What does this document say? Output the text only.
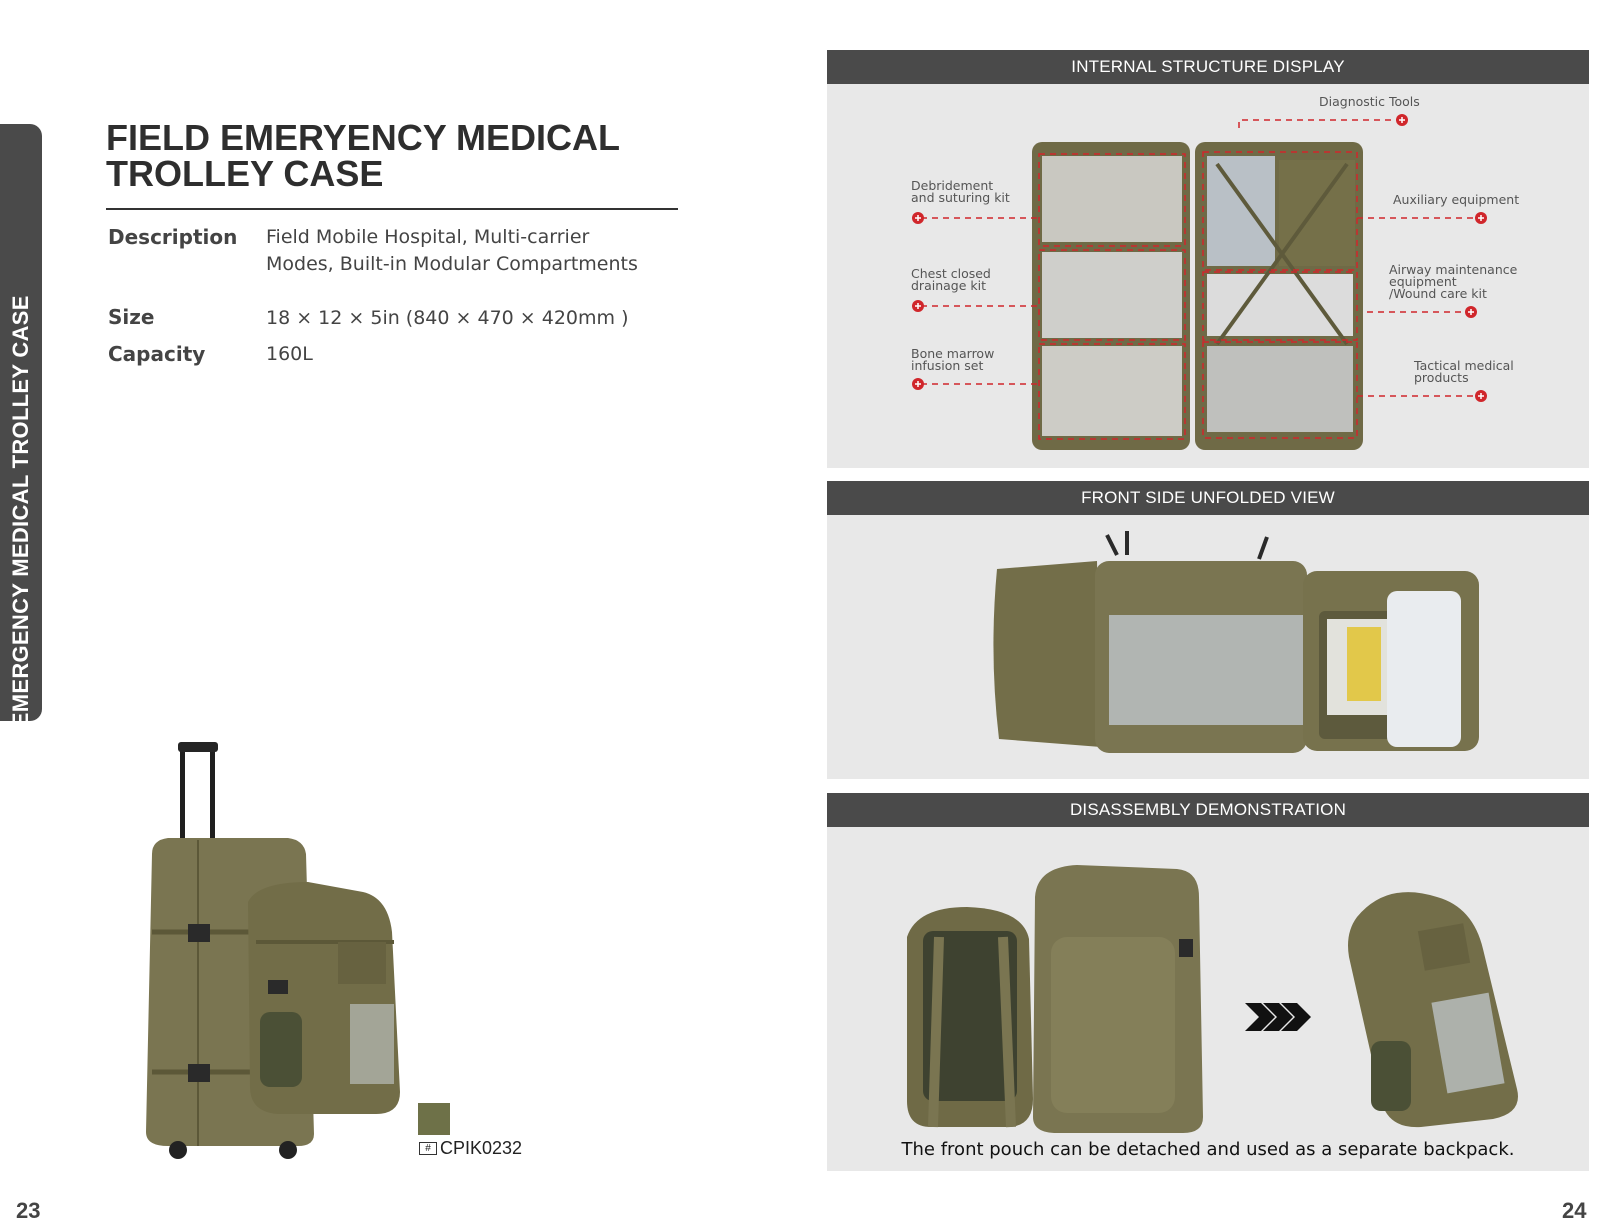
FIELD EMERGENCY MEDICAL TROLLEY CASE
FIELD EMERYENCY MEDICAL
TROLLEY CASE
Description Field Mobile Hospital, Multi-carrier
Modes, Built-in Modular Compartments
Size	18 × 12 × 5in (840 × 470 × 420mm )
Capacity	160L
# CPIK0232
23
INTERNAL STRUCTURE DISPLAY
Diagnostic Tools
Debridement
and suturing kit	Auxiliary equipment
Chest closed
drainage kit
Airway maintenance
equipment
/Wound care kit
Bone marrow
infusion set	Tactical medical
products
FRONT SIDE UNFOLDED VIEW
DISASSEMBLY DEMONSTRATION
The front pouch can be detached and used as a separate backpack.
24
